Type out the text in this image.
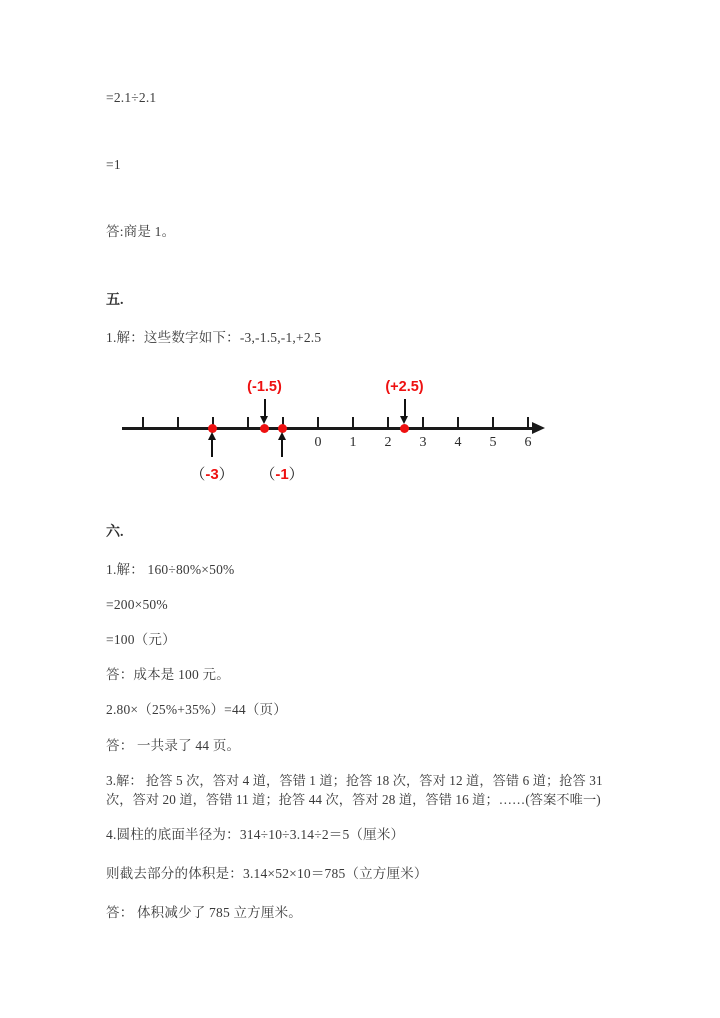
=2.1÷2.1
=1
答:商是 1。
五.
1.解：这些数字如下：-3,-1.5,-1,+2.5
0	1	2	3	4	5	6
(-1.5)	(+2.5)
（-3） （-1）
六.
1.解： 160÷80%×50%
=200×50%
=100（元）
答：成本是 100 元。
2.80×（25%+35%）=44（页）
答： 一共录了 44 页。
3.解： 抢答 5 次，答对 4 道，答错 1 道；抢答 18 次，答对 12 道，答错 6 道；抢答 31 次，答对 20 道，答错 11 道；抢答 44 次，答对 28 道，答错 16 道；……(答案不唯一)
4.圆柱的底面半径为：314÷10÷3.14÷2＝5（厘米）
则截去部分的体积是：3.14×52×10＝785（立方厘米）
答： 体积减少了 785 立方厘米。
